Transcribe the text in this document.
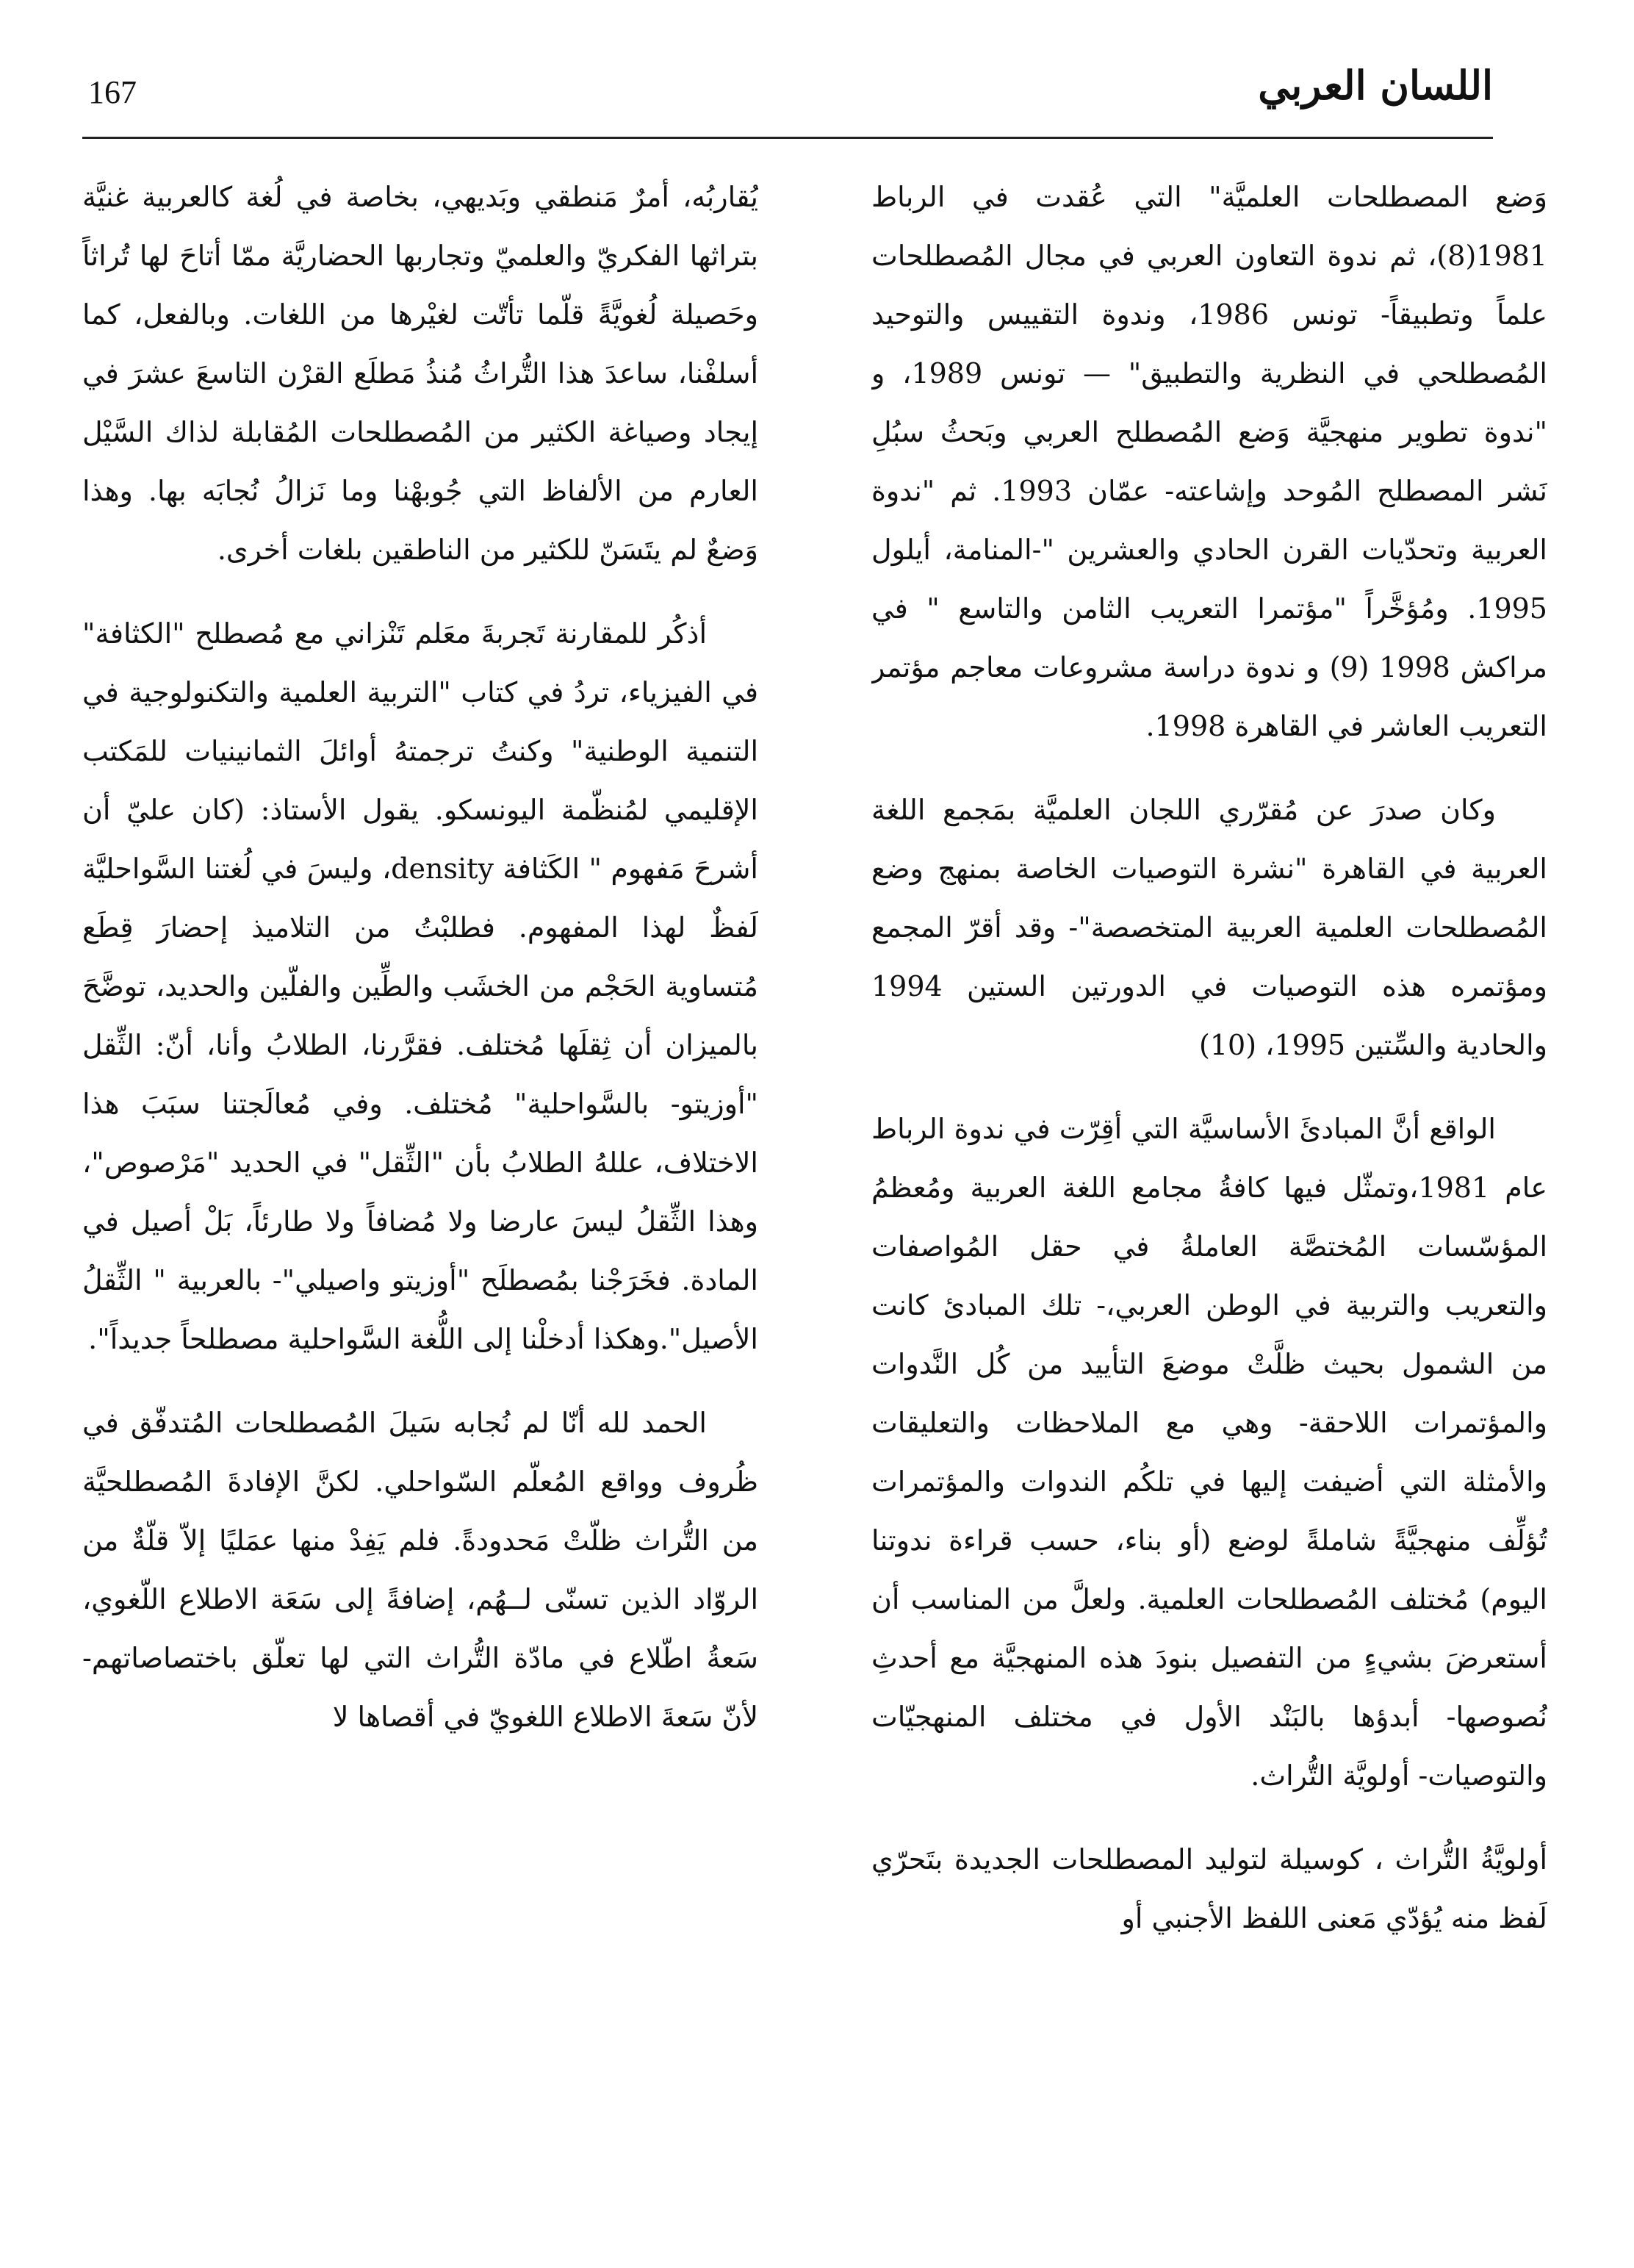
167	اللسان العربي

وَضع المصطلحات العلميَّة" التي عُقدت في الرباط 1981(8)، ثم ندوة التعاون العربي في مجال المُصطلحات علماً وتطبيقاً- تونس 1986، وندوة التقييس والتوحيد المُصطلحي في النظرية والتطبيق" — تونس 1989، و "ندوة تطوير منهجيَّة وَضع المُصطلح العربي وبَحثُ سبُلِ نَشر المصطلح المُوحد وإشاعته- عمّان 1993. ثم "ندوة العربية وتحدّيات القرن الحادي والعشرين "-المنامة، أيلول 1995. ومُؤخَّراً "مؤتمرا التعريب الثامن والتاسع " في مراكش 1998 (9) و ندوة دراسة مشروعات معاجم مؤتمر التعريب العاشر في القاهرة 1998.

وكان صدرَ عن مُقرّري اللجان العلميَّة بمَجمع اللغة العربية في القاهرة "نشرة التوصيات الخاصة بمنهج وضع المُصطلحات العلمية العربية المتخصصة"- وقد أقرّ المجمع ومؤتمره هذه التوصيات في الدورتين الستين 1994 والحادية والسِّتين 1995، (10)

الواقع أنَّ المبادئَ الأساسيَّة التي أقِرّت في ندوة الرباط عام 1981،وتمثّل فيها كافةُ مجامع اللغة العربية ومُعظمُ المؤسّسات المُختصَّة العاملةُ في حقل المُواصفات والتعريب والتربية في الوطن العربي،- تلك المبادئ كانت من الشمول بحيث ظلَّتْ موضعَ التأييد من كُل النَّدوات والمؤتمرات اللاحقة- وهي مع الملاحظات والتعليقات والأمثلة التي أضيفت إليها في تلكُم الندوات والمؤتمرات تُؤلِّف منهجيَّةً شاملةً لوضع (أو بناء، حسب قراءة ندوتنا اليوم) مُختلف المُصطلحات العلمية. ولعلَّ من المناسب أن أستعرضَ بشيءٍ من التفصيل بنودَ هذه المنهجيَّة مع أحدثِ نُصوصها- أبدؤها بالبَنْد الأول في مختلف المنهجيّات والتوصيات- أولويَّة التُّراث.

أولويَّةُ التُّراث ، كوسيلة لتوليد المصطلحات الجديدة بتَحرّي لَفظ منه يُؤدّي مَعنى اللفظ الأجنبي أو

يُقاربُه، أمرٌ مَنطقي وبَديهي، بخاصة في لُغة كالعربية غنيَّة بتراثها الفكريّ والعلميّ وتجاربها الحضاريَّة ممّا أتاحَ لها تُراثاً وحَصيلة لُغويَّةً قلّما تأتّت لغيْرها من اللغات. وبالفعل، كما أسلفْنا، ساعدَ هذا التُّراثُ مُنذُ مَطلَع القرْن التاسعَ عشرَ في إيجاد وصياغة الكثير من المُصطلحات المُقابلة لذاك السَّيْل العارم من الألفاظ التي جُوبهْنا وما نَزالُ نُجابَه بها. وهذا وَضعٌ لم يتَسَنّ للكثير من الناطقين بلغات أخرى.

أذكُر للمقارنة تَجربةَ معَلم تَنْزاني مع مُصطلح "الكثافة" في الفيزياء، تردُ في كتاب "التربية العلمية والتكنولوجية في التنمية الوطنية" وكنتُ ترجمتهُ أوائلَ الثمانينيات للمَكتب الإقليمي لمُنظّمة اليونسكو. يقول الأستاذ: (كان عليّ أن أشرحَ مَفهوم " الكَثافة density، وليسَ في لُغتنا السَّواحليَّة لَفظٌ لهذا المفهوم. فطلبْتُ من التلاميذ إحضارَ قِطَع مُتساوية الحَجْم من الخشَب والطِّين والفلّين والحديد، توضَّحَ بالميزان أن ثِقلَها مُختلف. فقرَّرنا، الطلابُ وأنا، أنّ: الثِّقل "أوزيتو- بالسَّواحلية" مُختلف. وفي مُعالَجتنا سبَبَ هذا الاختلاف، عللهُ الطلابُ بأن "الثِّقل" في الحديد "مَرْصوص"، وهذا الثِّقلُ ليسَ عارضا ولا مُضافاً ولا طارئاً، بَلْ أصيل في المادة. فخَرَجْنا بمُصطلَح "أوزيتو واصيلي"- بالعربية " الثِّقلُ الأصيل".وهكذا أدخلْنا إلى اللُّغة السَّواحلية مصطلحاً جديداً".

الحمد لله أنّا لم نُجابه سَيلَ المُصطلحات المُتدفّق في ظُروف وواقع المُعلّم السّواحلي. لكنَّ الإفادةَ المُصطلحيَّة من التُّراث ظلّتْ مَحدودةً. فلم يَفِدْ منها عمَليًا إلاّ قلّةٌ من الروّاد الذين تسنّى لــهُم، إضافةً إلى سَعَة الاطلاع اللّغوي، سَعةُ اطّلاع في مادّة التُّراث التي لها تعلّق باختصاصاتهم- لأنّ سَعةَ الاطلاع اللغويّ في أقصاها لا
